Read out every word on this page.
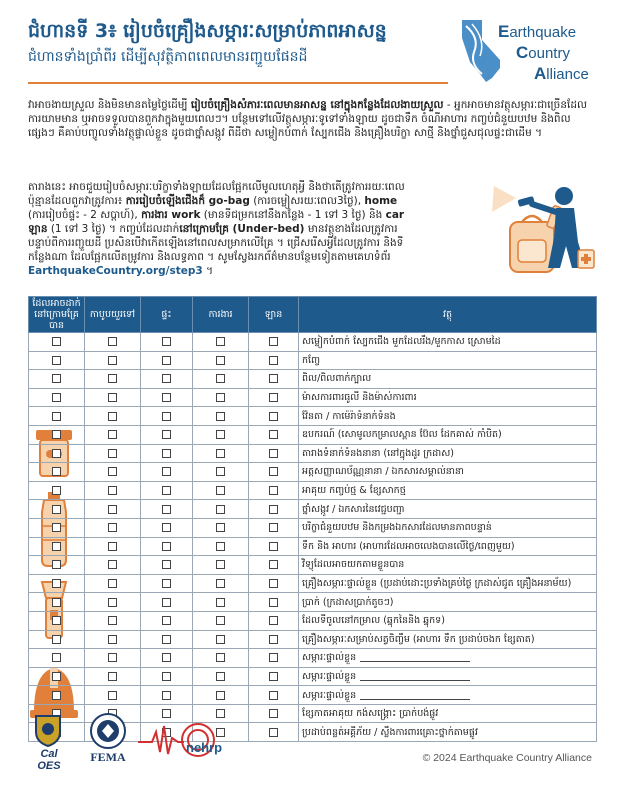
ជំហានទី 3៖ រៀបចំគ្រឿងសម្ភារៈសម្រាប់ភាពអាសន្ន
ជំហានទាំងប្រាំពីរ ដើម្បីសុវត្ថិភាពពេលមានរញ្ជួយផែនដី
Earthquake
Country
Alliance
វាអាចងាយស្រួល និងមិនមានតម្លៃថ្លៃដើម្បី រៀបចំគ្រឿងសំភារៈពេលមានអាសន្ន នៅក្នុងកន្លែងដែលងាយស្រួល - អ្នកអាចមានវត្ថុសម្ភារៈជាច្រើនដែលការយាមមាន ឬអាចទទួលបានពួកវាក្នុងមួយពេលៗ។ បន្ថែមទៅលើវត្ថុសម្ភារៈទូទៅទាំងឡាយ ដូចជាទឹក ចំណីអាហារ កញ្ចប់ជំនួយបឋម និងពិលផ្សេងៗ គឺគាប់បញ្ចូលទាំងវត្ថុផ្ទាល់ខ្លួន ដូចជាថ្នាំសង្កូវ ពីដីថា សម្លៀកបំពាក់ ស្បែកជើង និងគ្រឿងបរិក្ខា សាថ្មី និងថ្នាំជួសជុលផ្ទះជាដើម ។
តារាងនេះ អាចជួយរៀបចំសម្ភារៈបរិក្ខាទាំងឡាយដែលផ្អែកលើមូលហេតុអ្វី និងថាតើត្រូវការរយៈពេលប៉ុន្មានដែលពួកវាត្រូវការ៖ ការរៀបចំឡើងជើងក៏ go-bag (ការចម្លៀសរយៈពេល3ថ្ងៃ), home (ការរៀបចំផ្ទះ - 2 សប្តាហ៍), ការងារ work (មានទីជម្រកនៅនឹងកន្លែង - 1 ទៅ 3 ថ្ងៃ) និង car ឡាន (1 ទៅ 3 ថ្ងៃ) ។ កញ្ចប់ដែលដាក់នៅក្រោមគ្រែ (Under-bed) មានវត្ថុខាងដែលត្រូវការបន្ទាប់ពីការរញ្ជួយដី ប្រសិនបើវាកើតឡើងនៅពេលសម្រាកលើគ្រែ ។ ជ្រើសរើសអ្វីដែលត្រូវការ និងទីកន្លែងណា ដែលផ្អែកលើតម្រូវការ និងលទ្ធភាព ។ សូមស្វែងរកព័ត៌មានបន្ថែមទៀតតាមគេហទំព័រ EarthquakeCountry.org/step3 ។
ដែលអាចដាក់នៅក្រោមគ្រែបាន	កាបូបយួរទៅ	ផ្ទះ	ការងារ	ឡាន	វត្ថុ
					សម្លៀកបំពាក់ ស្បែកជើង មួកដែលរឹង/មួកកាស ស្រោមដៃ
					កញ្ចែ
					ពិល/ពិលពាក់ក្បាល
					ម៉ាសការពារធូលី និងម៉ាស់ការពារ
					វ៉ែនតា / កាម៉េរ៉ាទំនាក់ទំនង
					ឧបករណ៍ (សោមូលកម្រាលស្ពាន ប៊ែល ដែកគាស់ កាំបិត)
					តារាងទំនាក់ទំនងនានា (នៅក្នុងដូរ ក្រដាស)
					អត្តសញ្ញាណប័ណ្ណនានា / ឯកសារសម្គាល់នានា
					អាគុយ កញ្ចប់ថ្ម & ខ្សែសាកថ្ម
					ថ្នាំសង្កូវ / ឯកសារនៃវេជ្ជបញ្ជា
					បរិក្ខាជំនួយបឋម និងកម្រងឯកសារដែលមានភាពបន្ទាន់
					ទឹក និង អាហារ (អាហារដែលអាចលេងបានលើថ្ងៃ/ពេញមួយ)
					វិទ្យុដែលអាចយកតាមខ្លួនបាន
					គ្រឿងសម្ភារៈផ្ទាល់ខ្លួន (ប្រដាប់ដោះប្រទាំងគ្រប់ថ្ងៃ ក្រដាស់ជូត គ្រឿងអនាម័យ)
					ប្រាក់ (ក្រដាសប្រាក់តូចៗ)
					ដែលទីចូលនៅកម្រាល (ឆ្នុកនៃនិង ឆ្នុកទ)
					គ្រឿងសម្ភារៈសម្រាប់សត្វចិញ្ចឹម (អាហារ ទឹក ប្រដាប់ចងក ខ្សែតាត)
					សម្ភារៈផ្ទាល់ខ្លួន
					សម្ភារៈផ្ទាល់ខ្លួន
					សម្ភារៈផ្ទាល់ខ្លួន
					ខ្សែកាតអាគុយ កង់សង្គ្រោះ ប្រាក់បង់ផ្លូវ
					ប្រដាប់ពន្លត់អគ្គីភ័យ / ស្លឹងការពារគ្រោះថ្នាក់តាមផ្លូវ
Cal OES
FEMA
nehrp
© 2024 Earthquake Country Alliance
